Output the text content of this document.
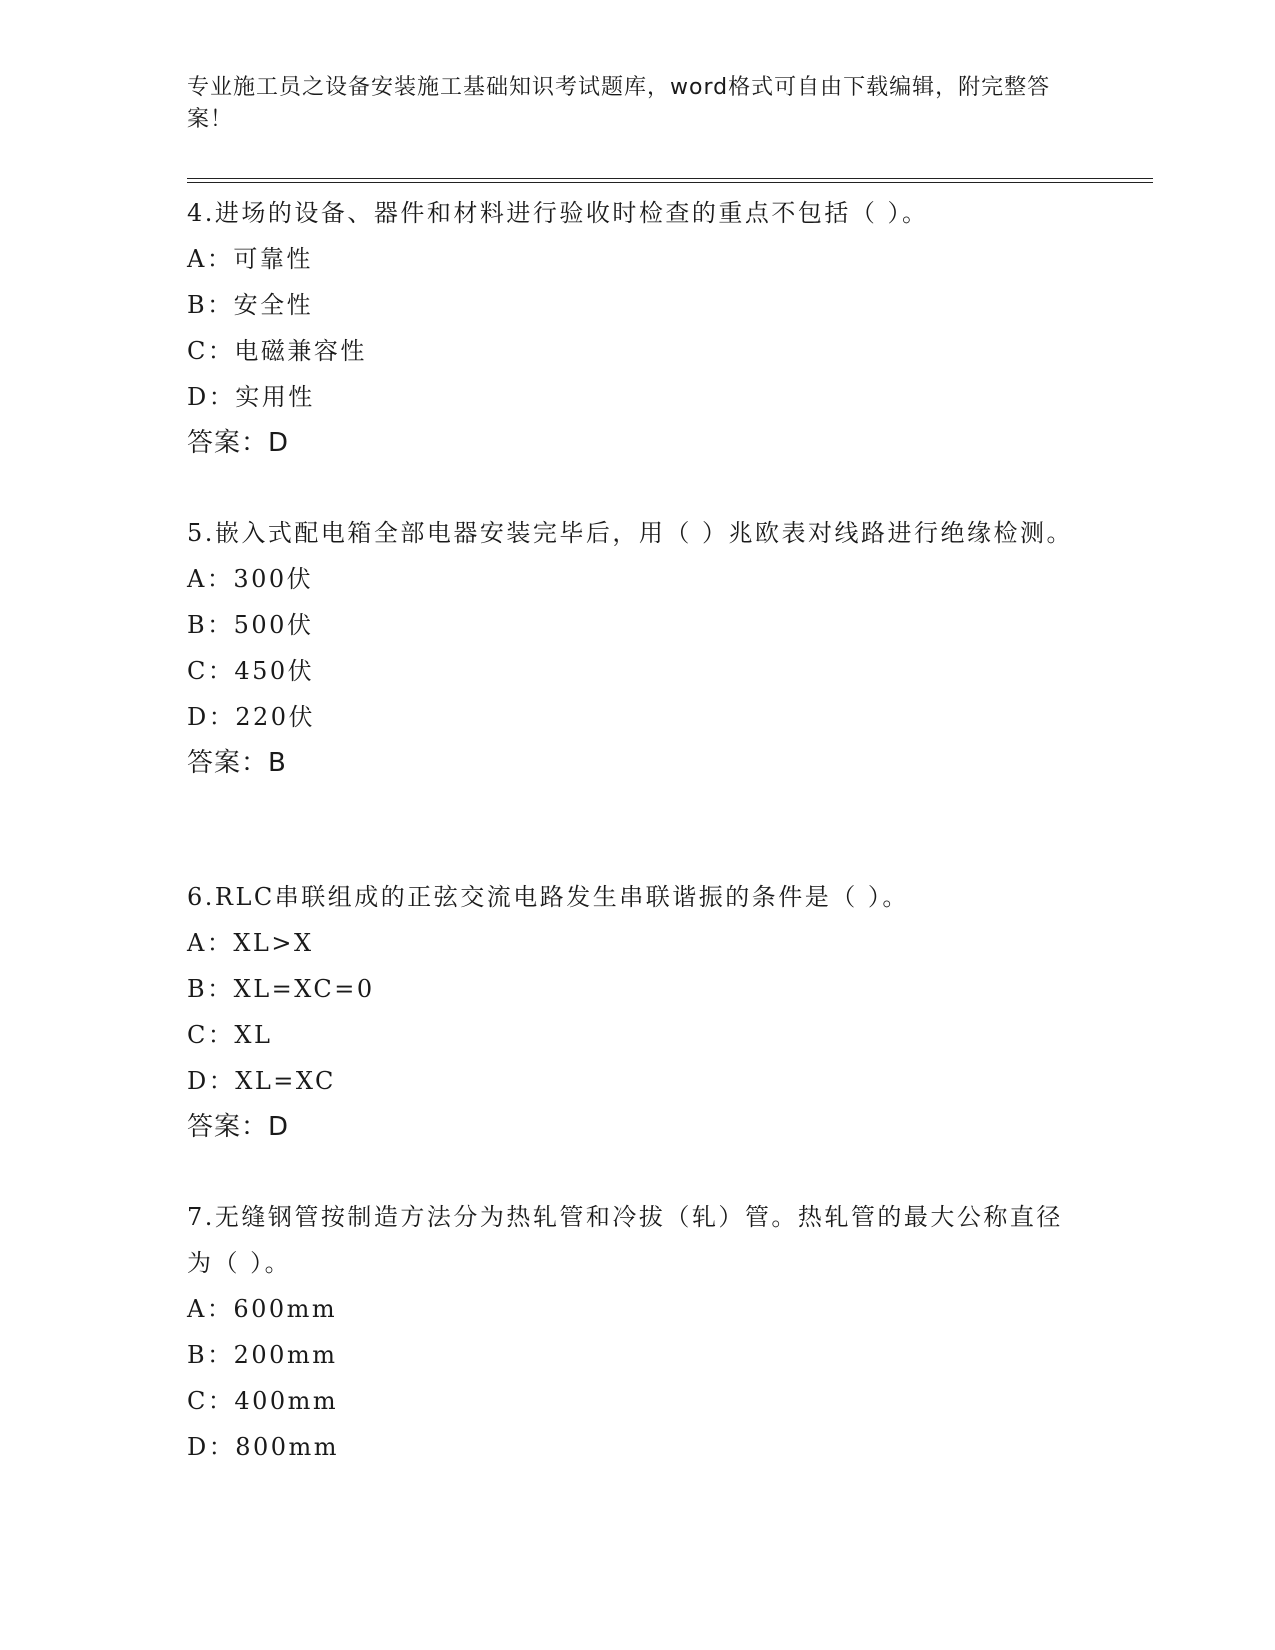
专业施工员之设备安装施工基础知识考试题库，word格式可自由下载编辑，附完整答案！
4.进场的设备、器件和材料进行验收时检查的重点不包括（ ）。
A：可靠性
B：安全性
C：电磁兼容性
D：实用性
答案：D
5.嵌入式配电箱全部电器安装完毕后，用（ ）兆欧表对线路进行绝缘检测。
A：300伏
B：500伏
C：450伏
D：220伏
答案：B
6.RLC串联组成的正弦交流电路发生串联谐振的条件是（ ）。
A：XL>X
B：XL=XC=0
C：XL
D：XL=XC
答案：D
7.无缝钢管按制造方法分为热轧管和冷拔（轧）管。热轧管的最大公称直径为（ ）。
A：600mm
B：200mm
C：400mm
D：800mm
